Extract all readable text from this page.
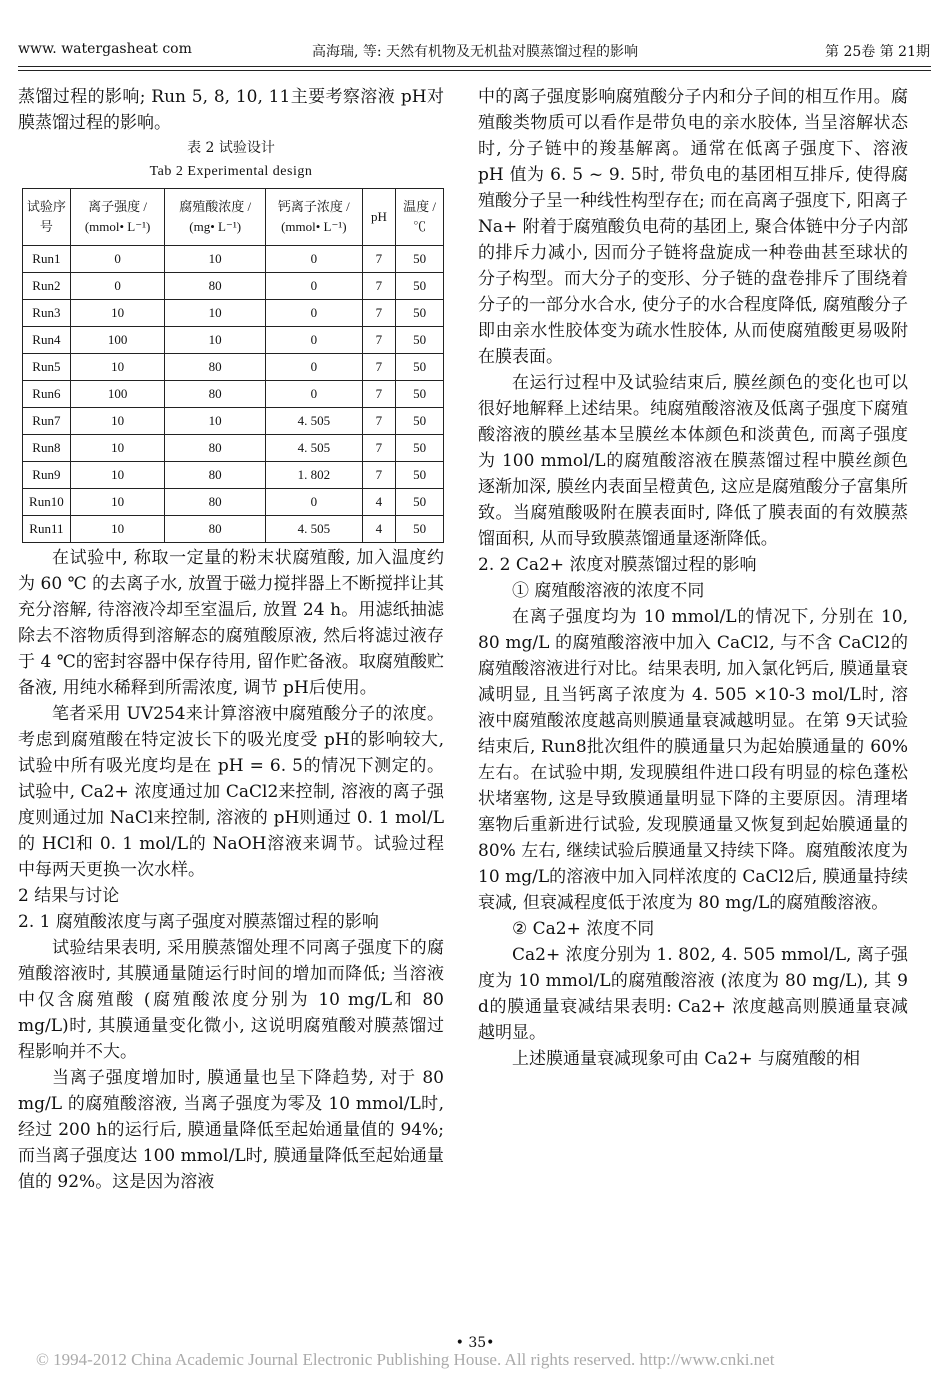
www. watergasheat com	高海瑞, 等: 天然有机物及无机盐对膜蒸馏过程的影响	第 25卷 第 21期

蒸馏过程的影响; Run 5, 8, 10, 11主要考察溶液 pH对膜蒸馏过程的影响。

表 2 试验设计
Tab 2 Experimental design
试验序号	离子强度 / (mmol• L⁻¹)	腐殖酸浓度 / (mg• L⁻¹)	钙离子浓度 / (mmol• L⁻¹)	pH	温度 / ℃
Run1	0	10	0	7	50
Run2	0	80	0	7	50
Run3	10	10	0	7	50
Run4	100	10	0	7	50
Run5	10	80	0	7	50
Run6	100	80	0	7	50
Run7	10	10	4. 505	7	50
Run8	10	80	4. 505	7	50
Run9	10	80	1. 802	7	50
Run10	10	80	0	4	50
Run11	10	80	4. 505	4	50

在试验中, 称取一定量的粉末状腐殖酸, 加入温度约为 60 ℃ 的去离子水, 放置于磁力搅拌器上不断搅拌让其充分溶解, 待溶液冷却至室温后, 放置 24 h。用滤纸抽滤除去不溶物质得到溶解态的腐殖酸原液, 然后将滤过液存于 4 ℃的密封容器中保存待用, 留作贮备液。取腐殖酸贮备液, 用纯水稀释到所需浓度, 调节 pH后使用。

笔者采用 UV254来计算溶液中腐殖酸分子的浓度。考虑到腐殖酸在特定波长下的吸光度受 pH的影响较大, 试验中所有吸光度均是在 pH = 6. 5的情况下测定的。试验中, Ca2+ 浓度通过加 CaCl2来控制, 溶液的离子强度则通过加 NaCl来控制, 溶液的 pH则通过 0. 1 mol/L的 HCl和 0. 1 mol/L的 NaOH溶液来调节。试验过程中每两天更换一次水样。

2 结果与讨论
2. 1 腐殖酸浓度与离子强度对膜蒸馏过程的影响

试验结果表明, 采用膜蒸馏处理不同离子强度下的腐殖酸溶液时, 其膜通量随运行时间的增加而降低; 当溶液中仅含腐殖酸 (腐殖酸浓度分别为 10 mg/L和 80 mg/L)时, 其膜通量变化微小, 这说明腐殖酸对膜蒸馏过程影响并不大。

当离子强度增加时, 膜通量也呈下降趋势, 对于 80 mg/L 的腐殖酸溶液, 当离子强度为零及 10 mmol/L时, 经过 200 h的运行后, 膜通量降低至起始通量值的 94%; 而当离子强度达 100 mmol/L时, 膜通量降低至起始通量值的 92%。这是因为溶液

中的离子强度影响腐殖酸分子内和分子间的相互作用。腐殖酸类物质可以看作是带负电的亲水胶体, 当呈溶解状态时, 分子链中的羧基解离。通常在低离子强度下、溶液 pH 值为 6. 5 ~ 9. 5时, 带负电的基团相互排斥, 使得腐殖酸分子呈一种线性构型存在; 而在高离子强度下, 阳离子 Na+ 附着于腐殖酸负电荷的基团上, 聚合体链中分子内部的排斥力减小, 因而分子链将盘旋成一种卷曲甚至球状的分子构型。而大分子的变形、分子链的盘卷排斥了围绕着分子的一部分水合水, 使分子的水合程度降低, 腐殖酸分子即由亲水性胶体变为疏水性胶体, 从而使腐殖酸更易吸附在膜表面。

在运行过程中及试验结束后, 膜丝颜色的变化也可以很好地解释上述结果。纯腐殖酸溶液及低离子强度下腐殖酸溶液的膜丝基本呈膜丝本体颜色和淡黄色, 而离子强度为 100 mmol/L的腐殖酸溶液在膜蒸馏过程中膜丝颜色逐渐加深, 膜丝内表面呈橙黄色, 这应是腐殖酸分子富集所致。当腐殖酸吸附在膜表面时, 降低了膜表面的有效膜蒸馏面积, 从而导致膜蒸馏通量逐渐降低。

2. 2 Ca2+ 浓度对膜蒸馏过程的影响
① 腐殖酸溶液的浓度不同

在离子强度均为 10 mmol/L的情况下, 分别在 10, 80 mg/L 的腐殖酸溶液中加入 CaCl2, 与不含 CaCl2的腐殖酸溶液进行对比。结果表明, 加入氯化钙后, 膜通量衰减明显, 且当钙离子浓度为 4. 505 ×10-3 mol/L时, 溶液中腐殖酸浓度越高则膜通量衰减越明显。在第 9天试验结束后, Run8批次组件的膜通量只为起始膜通量的 60% 左右。在试验中期, 发现膜组件进口段有明显的棕色蓬松状堵塞物, 这是导致膜通量明显下降的主要原因。清理堵塞物后重新进行试验, 发现膜通量又恢复到起始膜通量的 80% 左右, 继续试验后膜通量又持续下降。腐殖酸浓度为 10 mg/L的溶液中加入同样浓度的 CaCl2后, 膜通量持续衰减, 但衰减程度低于浓度为 80 mg/L的腐殖酸溶液。

② Ca2+ 浓度不同

Ca2+ 浓度分别为 1. 802, 4. 505 mmol/L, 离子强度为 10 mmol/L的腐殖酸溶液 (浓度为 80 mg/L), 其 9 d的膜通量衰减结果表明: Ca2+ 浓度越高则膜通量衰减越明显。

上述膜通量衰减现象可由 Ca2+ 与腐殖酸的相

• 35•
© 1994-2012 China Academic Journal Electronic Publishing House. All rights reserved. http://www.cnki.net
